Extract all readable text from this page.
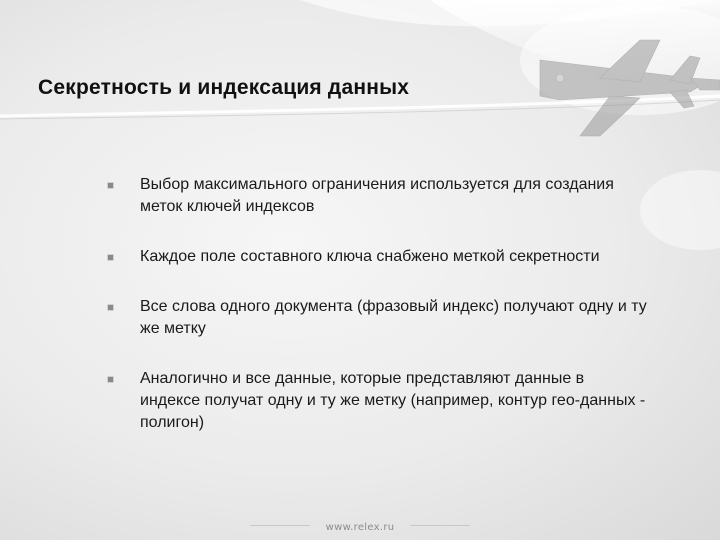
Секретность и индексация данных
Выбор максимального ограничения используется для создания меток ключей индексов
Каждое поле составного ключа снабжено меткой секретности
Все слова одного документа (фразовый индекс) получают одну и ту же метку
Аналогично и все данные, которые представляют данные в индексе получат одну и ту же метку (например, контур гео-данных - полигон)
www.relex.ru
